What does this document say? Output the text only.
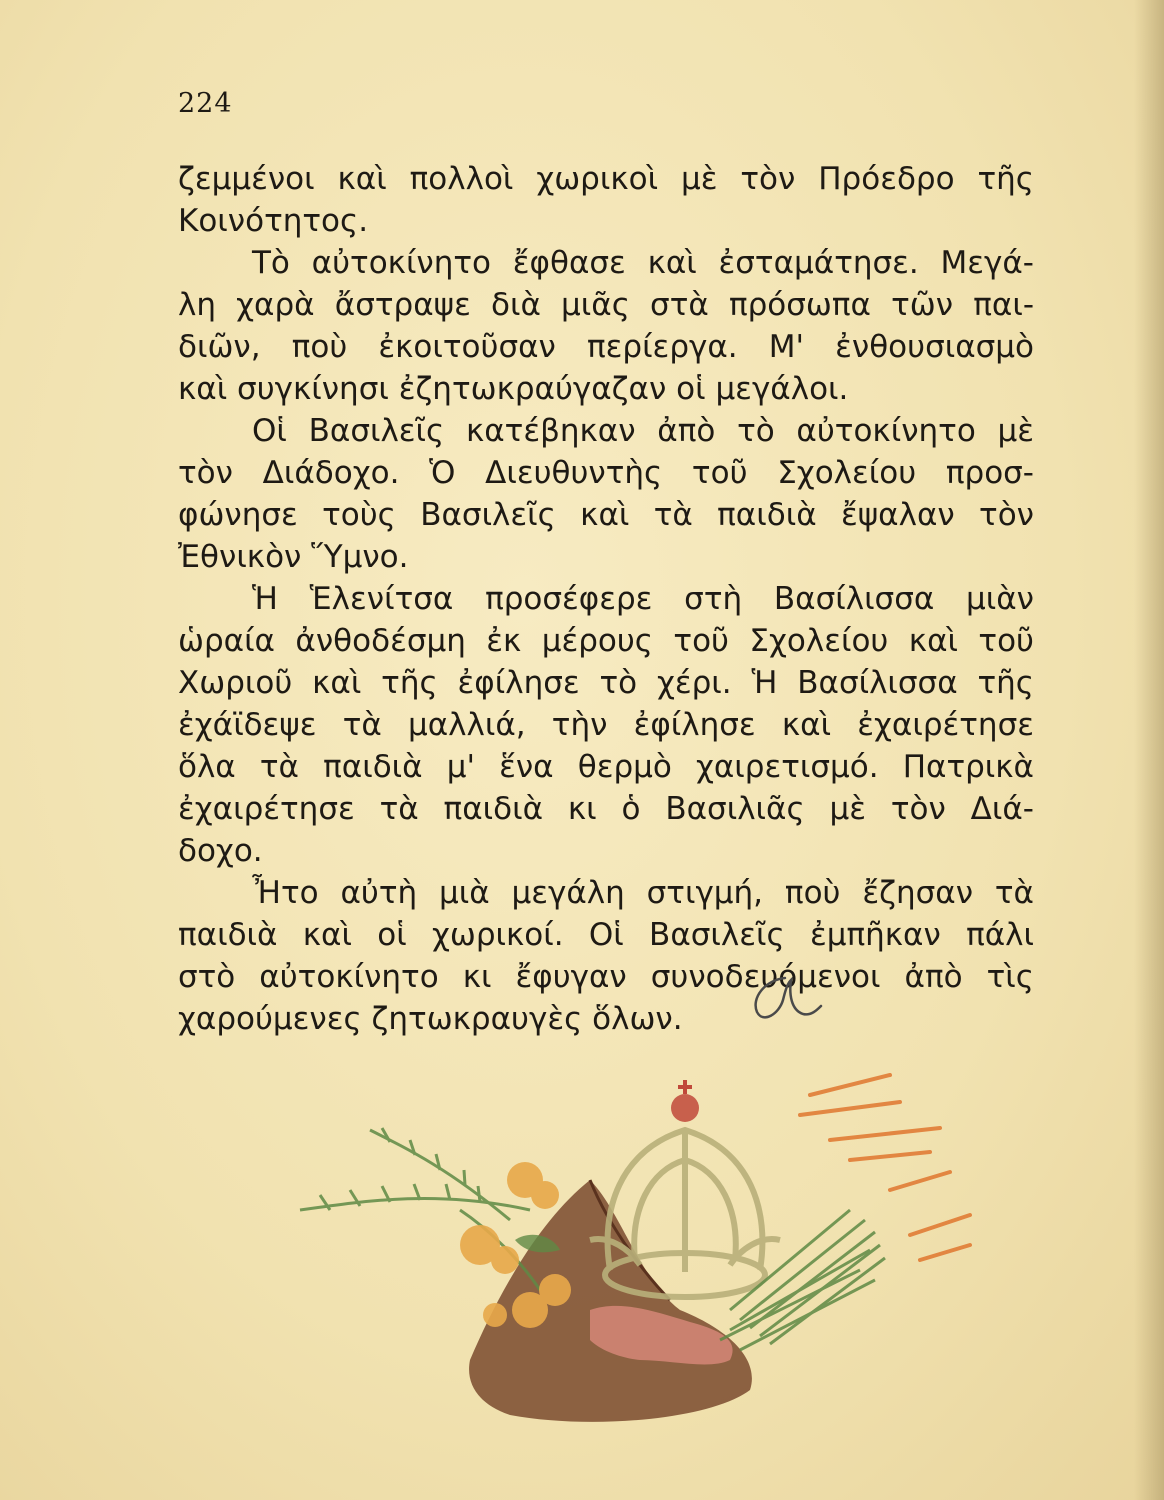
224
ζεμμένοι καὶ πολλοὶ χωρικοὶ μὲ τὸν Πρόεδρο τῆς
Κοινότητος.
Τὸ αὐτοκίνητο ἔφθασε καὶ ἐσταμάτησε. Μεγά-
λη χαρὰ ἄστραψε διὰ μιᾶς στὰ πρόσωπα τῶν παι-
διῶν, ποὺ ἐκοιτοῦσαν περίεργα. Μ' ἐνθουσιασμὸ
καὶ συγκίνησι ἐζητωκραύγαζαν οἱ μεγάλοι.
Οἱ Βασιλεῖς κατέβηκαν ἀπὸ τὸ αὐτοκίνητο μὲ
τὸν Διάδοχο. Ὁ Διευθυντὴς τοῦ Σχολείου προσ-
φώνησε τοὺς Βασιλεῖς καὶ τὰ παιδιὰ ἔψαλαν τὸν
Ἐθνικὸν Ὕμνο.
Ἡ Ἑλενίτσα προσέφερε στὴ Βασίλισσα μιὰν
ὡραία ἀνθοδέσμη ἐκ μέρους τοῦ Σχολείου καὶ τοῦ
Χωριοῦ καὶ τῆς ἐφίλησε τὸ χέρι. Ἡ Βασίλισσα τῆς
ἐχάϊδεψε τὰ μαλλιά, τὴν ἐφίλησε καὶ ἐχαιρέτησε
ὅλα τὰ παιδιὰ μ' ἕνα θερμὸ χαιρετισμό. Πατρικὰ
ἐχαιρέτησε τὰ παιδιὰ κι ὁ Βασιλιᾶς μὲ τὸν Διά-
δοχο.
Ἦτο αὐτὴ μιὰ μεγάλη στιγμή, ποὺ ἔζησαν τὰ
παιδιὰ καὶ οἱ χωρικοί. Οἱ Βασιλεῖς ἐμπῆκαν πάλι
στὸ αὐτοκίνητο κι ἔφυγαν συνοδευόμενοι ἀπὸ τὶς
χαρούμενες ζητωκραυγὲς ὅλων.
